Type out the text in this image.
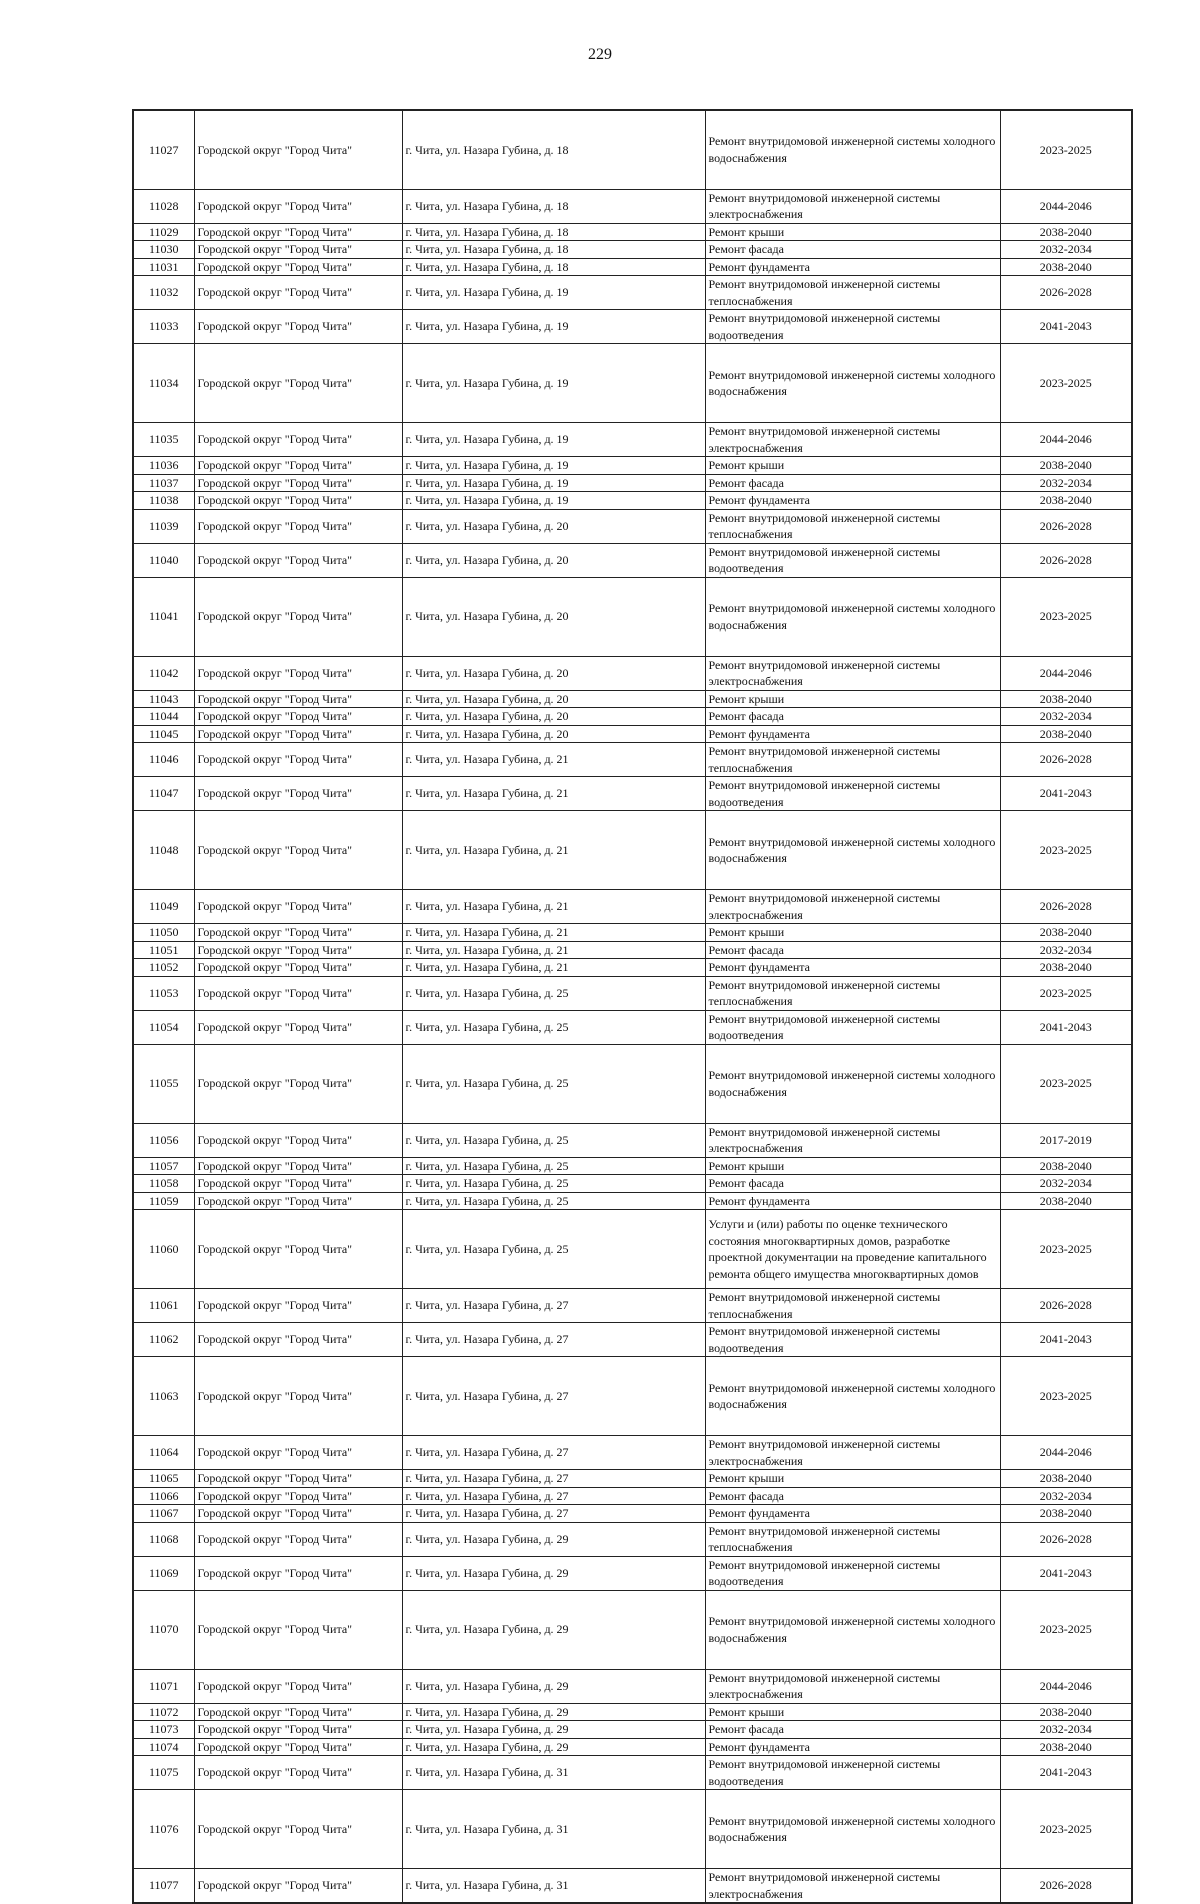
229
11027	Городской округ "Город Чита"	г. Чита, ул. Назара Губина, д. 18	Ремонт внутридомовой инженерной системы холодного водоснабжения	2023-2025
11028	Городской округ "Город Чита"	г. Чита, ул. Назара Губина, д. 18	Ремонт внутридомовой инженерной системы электроснабжения	2044-2046
11029	Городской округ "Город Чита"	г. Чита, ул. Назара Губина, д. 18	Ремонт крыши	2038-2040
11030	Городской округ "Город Чита"	г. Чита, ул. Назара Губина, д. 18	Ремонт фасада	2032-2034
11031	Городской округ "Город Чита"	г. Чита, ул. Назара Губина, д. 18	Ремонт фундамента	2038-2040
11032	Городской округ "Город Чита"	г. Чита, ул. Назара Губина, д. 19	Ремонт внутридомовой инженерной системы теплоснабжения	2026-2028
11033	Городской округ "Город Чита"	г. Чита, ул. Назара Губина, д. 19	Ремонт внутридомовой инженерной системы водоотведения	2041-2043
11034	Городской округ "Город Чита"	г. Чита, ул. Назара Губина, д. 19	Ремонт внутридомовой инженерной системы холодного водоснабжения	2023-2025
11035	Городской округ "Город Чита"	г. Чита, ул. Назара Губина, д. 19	Ремонт внутридомовой инженерной системы электроснабжения	2044-2046
11036	Городской округ "Город Чита"	г. Чита, ул. Назара Губина, д. 19	Ремонт крыши	2038-2040
11037	Городской округ "Город Чита"	г. Чита, ул. Назара Губина, д. 19	Ремонт фасада	2032-2034
11038	Городской округ "Город Чита"	г. Чита, ул. Назара Губина, д. 19	Ремонт фундамента	2038-2040
11039	Городской округ "Город Чита"	г. Чита, ул. Назара Губина, д. 20	Ремонт внутридомовой инженерной системы теплоснабжения	2026-2028
11040	Городской округ "Город Чита"	г. Чита, ул. Назара Губина, д. 20	Ремонт внутридомовой инженерной системы водоотведения	2026-2028
11041	Городской округ "Город Чита"	г. Чита, ул. Назара Губина, д. 20	Ремонт внутридомовой инженерной системы холодного водоснабжения	2023-2025
11042	Городской округ "Город Чита"	г. Чита, ул. Назара Губина, д. 20	Ремонт внутридомовой инженерной системы электроснабжения	2044-2046
11043	Городской округ "Город Чита"	г. Чита, ул. Назара Губина, д. 20	Ремонт крыши	2038-2040
11044	Городской округ "Город Чита"	г. Чита, ул. Назара Губина, д. 20	Ремонт фасада	2032-2034
11045	Городской округ "Город Чита"	г. Чита, ул. Назара Губина, д. 20	Ремонт фундамента	2038-2040
11046	Городской округ "Город Чита"	г. Чита, ул. Назара Губина, д. 21	Ремонт внутридомовой инженерной системы теплоснабжения	2026-2028
11047	Городской округ "Город Чита"	г. Чита, ул. Назара Губина, д. 21	Ремонт внутридомовой инженерной системы водоотведения	2041-2043
11048	Городской округ "Город Чита"	г. Чита, ул. Назара Губина, д. 21	Ремонт внутридомовой инженерной системы холодного водоснабжения	2023-2025
11049	Городской округ "Город Чита"	г. Чита, ул. Назара Губина, д. 21	Ремонт внутридомовой инженерной системы электроснабжения	2026-2028
11050	Городской округ "Город Чита"	г. Чита, ул. Назара Губина, д. 21	Ремонт крыши	2038-2040
11051	Городской округ "Город Чита"	г. Чита, ул. Назара Губина, д. 21	Ремонт фасада	2032-2034
11052	Городской округ "Город Чита"	г. Чита, ул. Назара Губина, д. 21	Ремонт фундамента	2038-2040
11053	Городской округ "Город Чита"	г. Чита, ул. Назара Губина, д. 25	Ремонт внутридомовой инженерной системы теплоснабжения	2023-2025
11054	Городской округ "Город Чита"	г. Чита, ул. Назара Губина, д. 25	Ремонт внутридомовой инженерной системы водоотведения	2041-2043
11055	Городской округ "Город Чита"	г. Чита, ул. Назара Губина, д. 25	Ремонт внутридомовой инженерной системы холодного водоснабжения	2023-2025
11056	Городской округ "Город Чита"	г. Чита, ул. Назара Губина, д. 25	Ремонт внутридомовой инженерной системы электроснабжения	2017-2019
11057	Городской округ "Город Чита"	г. Чита, ул. Назара Губина, д. 25	Ремонт крыши	2038-2040
11058	Городской округ "Город Чита"	г. Чита, ул. Назара Губина, д. 25	Ремонт фасада	2032-2034
11059	Городской округ "Город Чита"	г. Чита, ул. Назара Губина, д. 25	Ремонт фундамента	2038-2040
11060	Городской округ "Город Чита"	г. Чита, ул. Назара Губина, д. 25	Услуги и (или) работы по оценке технического состояния многоквартирных домов, разработке проектной документации на проведение капитального ремонта общего имущества многоквартирных домов	2023-2025
11061	Городской округ "Город Чита"	г. Чита, ул. Назара Губина, д. 27	Ремонт внутридомовой инженерной системы теплоснабжения	2026-2028
11062	Городской округ "Город Чита"	г. Чита, ул. Назара Губина, д. 27	Ремонт внутридомовой инженерной системы водоотведения	2041-2043
11063	Городской округ "Город Чита"	г. Чита, ул. Назара Губина, д. 27	Ремонт внутридомовой инженерной системы холодного водоснабжения	2023-2025
11064	Городской округ "Город Чита"	г. Чита, ул. Назара Губина, д. 27	Ремонт внутридомовой инженерной системы электроснабжения	2044-2046
11065	Городской округ "Город Чита"	г. Чита, ул. Назара Губина, д. 27	Ремонт крыши	2038-2040
11066	Городской округ "Город Чита"	г. Чита, ул. Назара Губина, д. 27	Ремонт фасада	2032-2034
11067	Городской округ "Город Чита"	г. Чита, ул. Назара Губина, д. 27	Ремонт фундамента	2038-2040
11068	Городской округ "Город Чита"	г. Чита, ул. Назара Губина, д. 29	Ремонт внутридомовой инженерной системы теплоснабжения	2026-2028
11069	Городской округ "Город Чита"	г. Чита, ул. Назара Губина, д. 29	Ремонт внутридомовой инженерной системы водоотведения	2041-2043
11070	Городской округ "Город Чита"	г. Чита, ул. Назара Губина, д. 29	Ремонт внутридомовой инженерной системы холодного водоснабжения	2023-2025
11071	Городской округ "Город Чита"	г. Чита, ул. Назара Губина, д. 29	Ремонт внутридомовой инженерной системы электроснабжения	2044-2046
11072	Городской округ "Город Чита"	г. Чита, ул. Назара Губина, д. 29	Ремонт крыши	2038-2040
11073	Городской округ "Город Чита"	г. Чита, ул. Назара Губина, д. 29	Ремонт фасада	2032-2034
11074	Городской округ "Город Чита"	г. Чита, ул. Назара Губина, д. 29	Ремонт фундамента	2038-2040
11075	Городской округ "Город Чита"	г. Чита, ул. Назара Губина, д. 31	Ремонт внутридомовой инженерной системы водоотведения	2041-2043
11076	Городской округ "Город Чита"	г. Чита, ул. Назара Губина, д. 31	Ремонт внутридомовой инженерной системы холодного водоснабжения	2023-2025
11077	Городской округ "Город Чита"	г. Чита, ул. Назара Губина, д. 31	Ремонт внутридомовой инженерной системы электроснабжения	2026-2028
